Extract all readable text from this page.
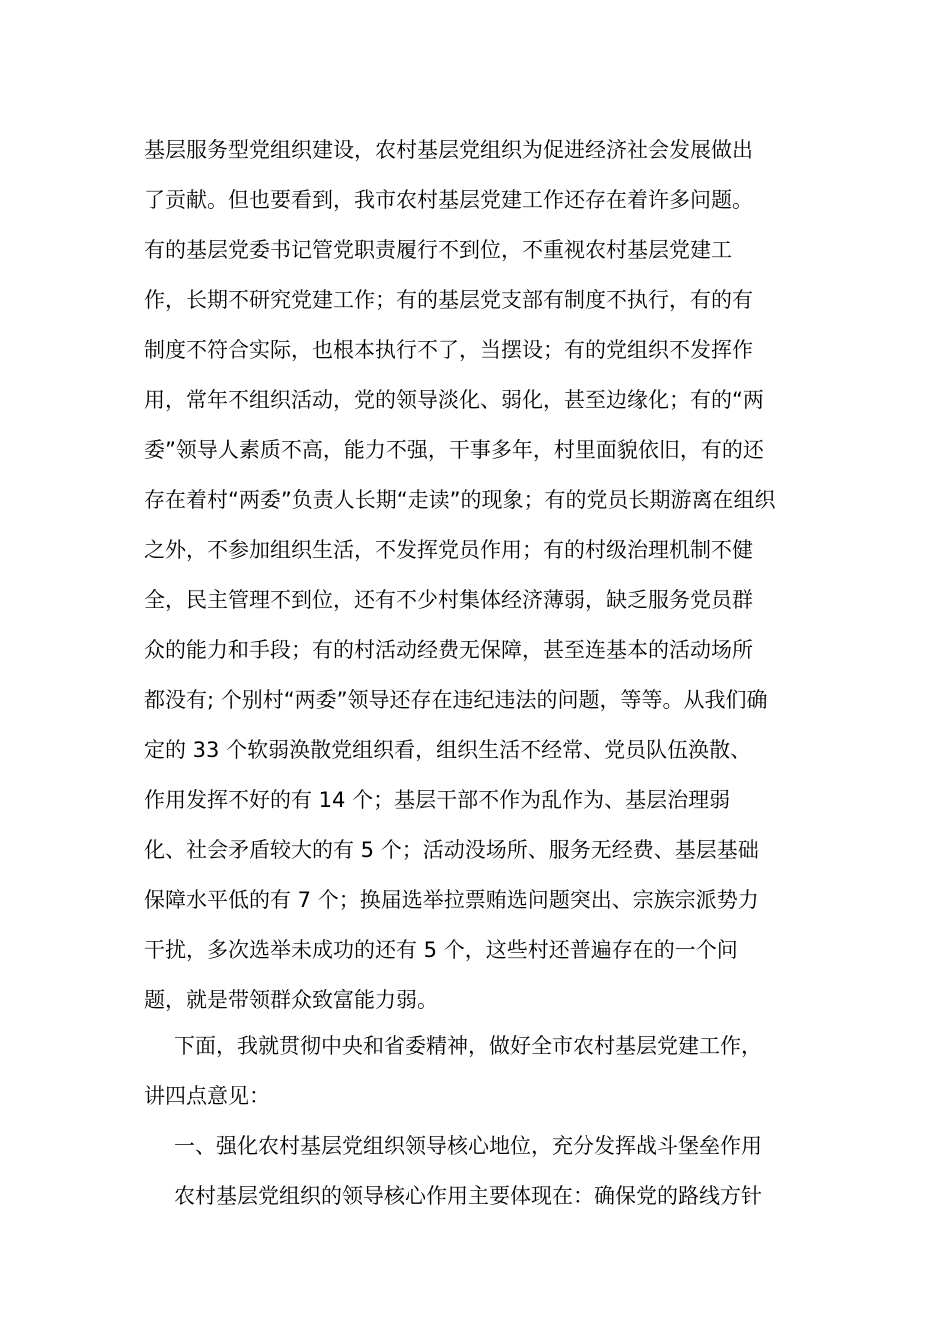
基层服务型党组织建设，农村基层党组织为促进经济社会发展做出
了贡献。但也要看到，我市农村基层党建工作还存在着许多问题。
有的基层党委书记管党职责履行不到位，不重视农村基层党建工
作，长期不研究党建工作；有的基层党支部有制度不执行，有的有
制度不符合实际，也根本执行不了，当摆设；有的党组织不发挥作
用，常年不组织活动，党的领导淡化、弱化，甚至边缘化；有的“两
委”领导人素质不高，能力不强，干事多年，村里面貌依旧，有的还
存在着村“两委”负责人长期“走读”的现象；有的党员长期游离在组织
之外，不参加组织生活，不发挥党员作用；有的村级治理机制不健
全，民主管理不到位，还有不少村集体经济薄弱，缺乏服务党员群
众的能力和手段；有的村活动经费无保障，甚至连基本的活动场所
都没有; 个别村“两委”领导还存在违纪违法的问题，等等。从我们确
定的 33 个软弱涣散党组织看，组织生活不经常、党员队伍涣散、
作用发挥不好的有 14 个；基层干部不作为乱作为、基层治理弱
化、社会矛盾较大的有 5 个；活动没场所、服务无经费、基层基础
保障水平低的有 7 个；换届选举拉票贿选问题突出、宗族宗派势力
干扰，多次选举未成功的还有 5 个，这些村还普遍存在的一个问
题，就是带领群众致富能力弱。
下面，我就贯彻中央和省委精神，做好全市农村基层党建工作，
讲四点意见：
一、强化农村基层党组织领导核心地位，充分发挥战斗堡垒作用
农村基层党组织的领导核心作用主要体现在：确保党的路线方针
